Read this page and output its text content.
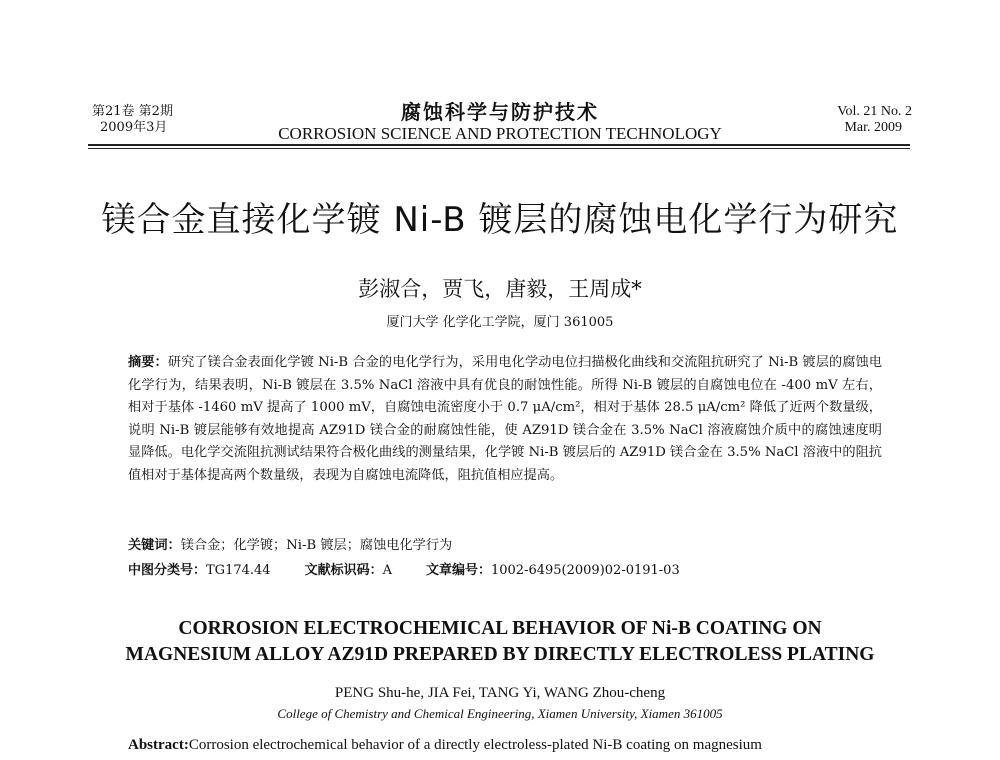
第21卷 第2期
2009年3月
腐蚀科学与防护技术
CORROSION SCIENCE AND PROTECTION TECHNOLOGY
Vol. 21 No. 2
Mar. 2009
镁合金直接化学镀 Ni-B 镀层的腐蚀电化学行为研究
彭淑合，贾飞，唐毅，王周成*
厦门大学 化学化工学院，厦门 361005
摘要：研究了镁合金表面化学镀 Ni-B 合金的电化学行为，采用电化学动电位扫描极化曲线和交流阻抗研究了 Ni-B 镀层的腐蚀电化学行为，结果表明，Ni-B 镀层在 3.5% NaCl 溶液中具有优良的耐蚀性能。所得 Ni-B 镀层的自腐蚀电位在 -400 mV 左右，相对于基体 -1460 mV 提高了 1000 mV，自腐蚀电流密度小于 0.7 μA/cm²，相对于基体 28.5 μA/cm² 降低了近两个数量级，说明 Ni-B 镀层能够有效地提高 AZ91D 镁合金的耐腐蚀性能，使 AZ91D 镁合金在 3.5% NaCl 溶液腐蚀介质中的腐蚀速度明显降低。电化学交流阻抗测试结果符合极化曲线的测量结果，化学镀 Ni-B 镀层后的 AZ91D 镁合金在 3.5% NaCl 溶液中的阻抗值相对于基体提高两个数量级，表现为自腐蚀电流降低，阻抗值相应提高。
关键词：镁合金；化学镀；Ni-B 镀层；腐蚀电化学行为
中图分类号：TG174.44	文献标识码：A	文章编号：1002-6495(2009)02-0191-03
CORROSION ELECTROCHEMICAL BEHAVIOR OF Ni-B COATING ON
MAGNESIUM ALLOY AZ91D PREPARED BY DIRECTLY ELECTROLESS PLATING
PENG Shu-he, JIA Fei, TANG Yi, WANG Zhou-cheng
College of Chemistry and Chemical Engineering, Xiamen University, Xiamen 361005
Abstract:Corrosion electrochemical behavior of a directly electroless-plated Ni-B coating on magnesium
